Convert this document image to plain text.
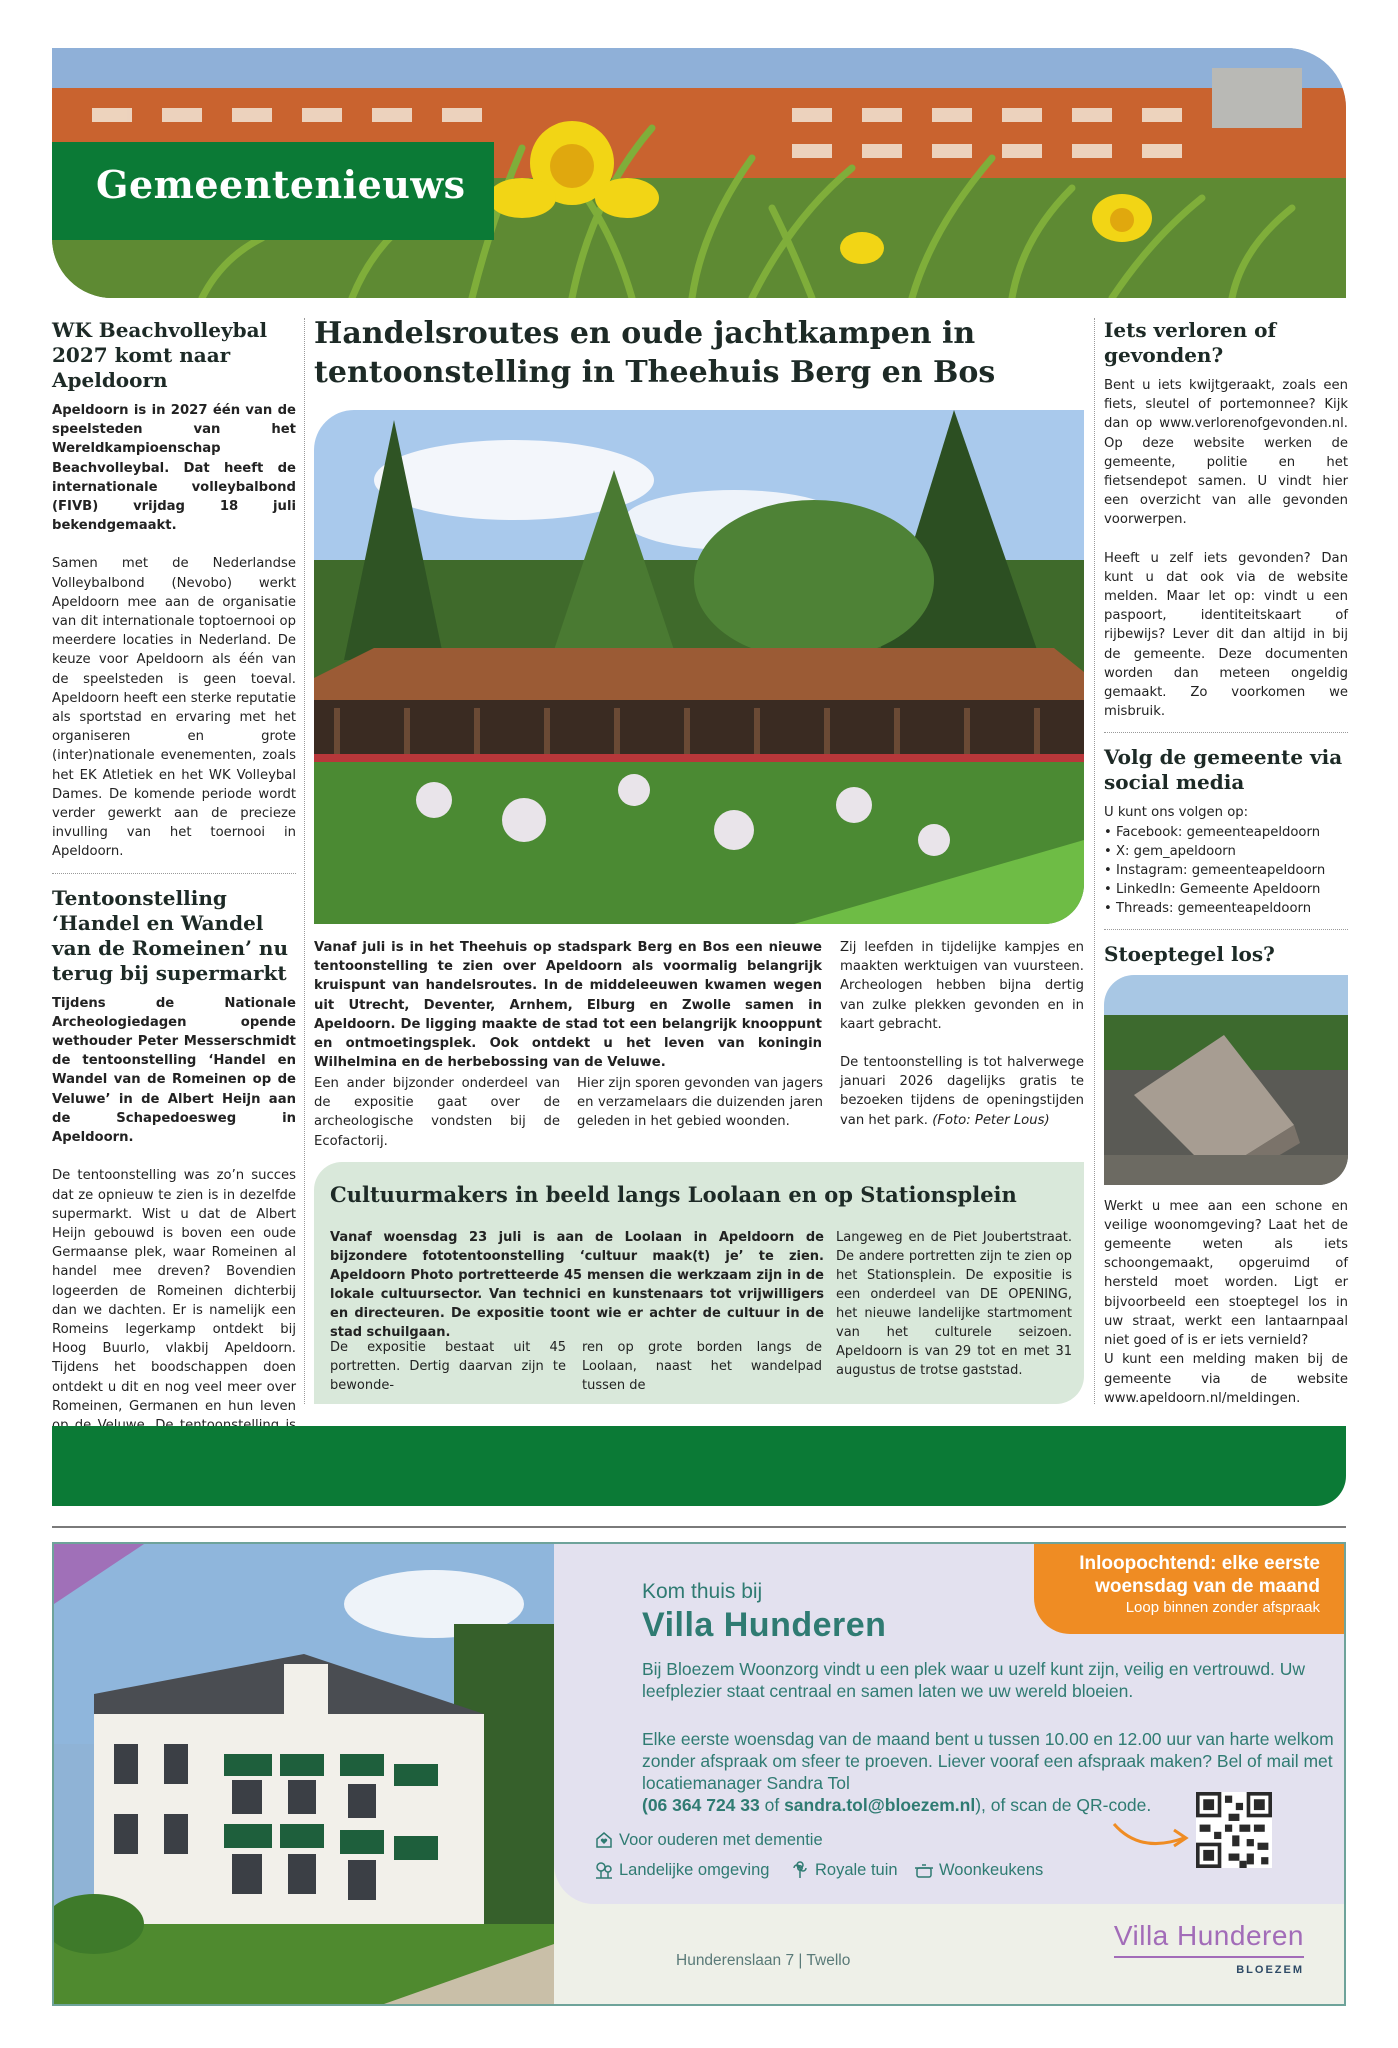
Gemeentenieuws
WK Beachvolleybal 2027 komt naar Apeldoorn

Apeldoorn is in 2027 één van de speelsteden van het Wereldkampioenschap Beachvolleybal. Dat heeft de internationale volleybalbond (FIVB) vrijdag 18 juli bekendgemaakt.

Samen met de Nederlandse Volleybalbond (Nevobo) werkt Apeldoorn mee aan de organisatie van dit internationale toptoernooi op meerdere locaties in Nederland. De keuze voor Apeldoorn als één van de speelsteden is geen toeval. Apeldoorn heeft een sterke reputatie als sportstad en ervaring met het organiseren en grote (inter)nationale evenementen, zoals het EK Atletiek en het WK Volleybal Dames. De komende periode wordt verder gewerkt aan de precieze invulling van het toernooi in Apeldoorn.

Tentoonstelling ‘Handel en Wandel van de Romeinen’ nu terug bij supermarkt

Tijdens de Nationale Archeologiedagen opende wethouder Peter Messerschmidt de tentoonstelling ‘Handel en Wandel van de Romeinen op de Veluwe’ in de Albert Heijn aan de Schapedoesweg in Apeldoorn.

De tentoonstelling was zo’n succes dat ze opnieuw te zien is in dezelfde supermarkt. Wist u dat de Albert Heijn gebouwd is boven een oude Germaanse plek, waar Romeinen al handel mee dreven? Bovendien logeerden de Romeinen dichterbij dan we dachten. Er is namelijk een Romeins legerkamp ontdekt bij Hoog Buurlo, vlakbij Apeldoorn. Tijdens het boodschappen doen ontdekt u dit en nog veel meer over Romeinen, Germanen en hun leven

Handelsroutes en oude jachtkampen in tentoonstelling in Theehuis Berg en Bos
Vanaf juli is in het Theehuis op stadspark Berg en Bos een nieuwe tentoonstelling te zien over Apeldoorn als voormalig belangrijk kruispunt van handelsroutes. In de middeleeuwen kwamen wegen uit Utrecht, Deventer, Arnhem, Elburg en Zwolle samen in Apeldoorn. De ligging maakte de stad tot een belangrijk knooppunt en ontmoetingsplek. Ook ontdekt u het leven van koningin Wilhelmina en de herbebossing van de Veluwe.
Een ander bijzonder onderdeel van de expositie gaat over de archeologische vondsten bij de Ecofactorij.
Hier zijn sporen gevonden van jagers en verzamelaars die duizenden jaren geleden in het gebied woonden.

Zij leefden in tijdelijke kampjes en maakten werktuigen van vuursteen. Archeologen hebben bijna dertig van zulke plekken gevonden en in kaart gebracht.

De tentoonstelling is tot halverwege januari 2026 dagelijks gratis te bezoeken tijdens de openingstijden van het park. (Foto: Peter Lous)

Cultuurmakers in beeld langs Loolaan en op Stationsplein
Vanaf woensdag 23 juli is aan de Loolaan in Apeldoorn de bijzondere fototentoonstelling ‘cultuur maak(t) je’ te zien. Apeldoorn Photo portretteerde 45 mensen die werkzaam zijn in de lokale cultuursector. Van technici en kunstenaars tot vrijwilligers en directeuren. De expositie toont wie er achter de cultuur in de stad schuilgaan.
De expositie bestaat uit 45 portretten. Dertig daarvan zijn te bewonde-
ren op grote borden langs de Loolaan, naast het wandelpad tussen de
Langeweg en de Piet Joubertstraat. De andere portretten zijn te zien op het Stationsplein. De expositie is een onderdeel van DE OPENING, het nieuwe landelijke startmoment van het culturele seizoen. Apeldoorn is van 29 tot en met 31 augustus de trotse gaststad.
Iets verloren of gevonden?

Bent u iets kwijtgeraakt, zoals een fiets, sleutel of portemonnee? Kijk dan op www.verlorenofgevonden.nl. Op deze website werken de gemeente, politie en het fietsendepot samen. U vindt hier een overzicht van alle gevonden voorwerpen.

Heeft u zelf iets gevonden? Dan kunt u dat ook via de website melden. Maar let op: vindt u een paspoort, identiteitskaart of rijbewijs? Lever dit dan altijd in bij de gemeente. Deze documenten worden dan meteen ongeldig gemaakt. Zo voorkomen we misbruik.

Volg de gemeente via social media
U kunt ons volgen op:
• Facebook: gemeenteapeldoorn
• X: gem_apeldoorn
• Instagram: gemeenteapeldoorn
• LinkedIn: Gemeente Apeldoorn
• Threads: gemeenteapeldoorn
Stoeptegel los?

Werkt u mee aan een schone en veilige woonomgeving? Laat het de gemeente weten als iets schoongemaakt, opgeruimd of hersteld moet worden. Ligt er bijvoorbeeld een stoeptegel los in uw straat, werkt een lantaarnpaal niet goed of is er iets vernield?

U kunt een melding maken bij de gemeente via de website www.apeldoorn.nl/meldingen.

Inloopochtend: elke eerste
woensdag van de maand
Loop binnen zonder afspraak
Kom thuis bij
Villa Hunderen
Bij Bloezem Woonzorg vindt u een plek waar u uzelf kunt zijn, veilig en vertrouwd. Uw leefplezier staat centraal en samen laten we uw wereld bloeien.
Elke eerste woensdag van de maand bent u tussen 10.00 en 12.00 uur van harte welkom zonder afspraak om sfeer te proeven. Liever vooraf een afspraak maken? Bel of mail met locatiemanager Sandra Tol
(06 364 724 33 of sandra.tol@bloezem.nl), of scan de QR-code.
Voor ouderen met dementie
Landelijke omgeving	Royale tuin	Woonkeukens
Hunderenslaan 7 | Twello
Villa Hunderen
BLOEZEM
